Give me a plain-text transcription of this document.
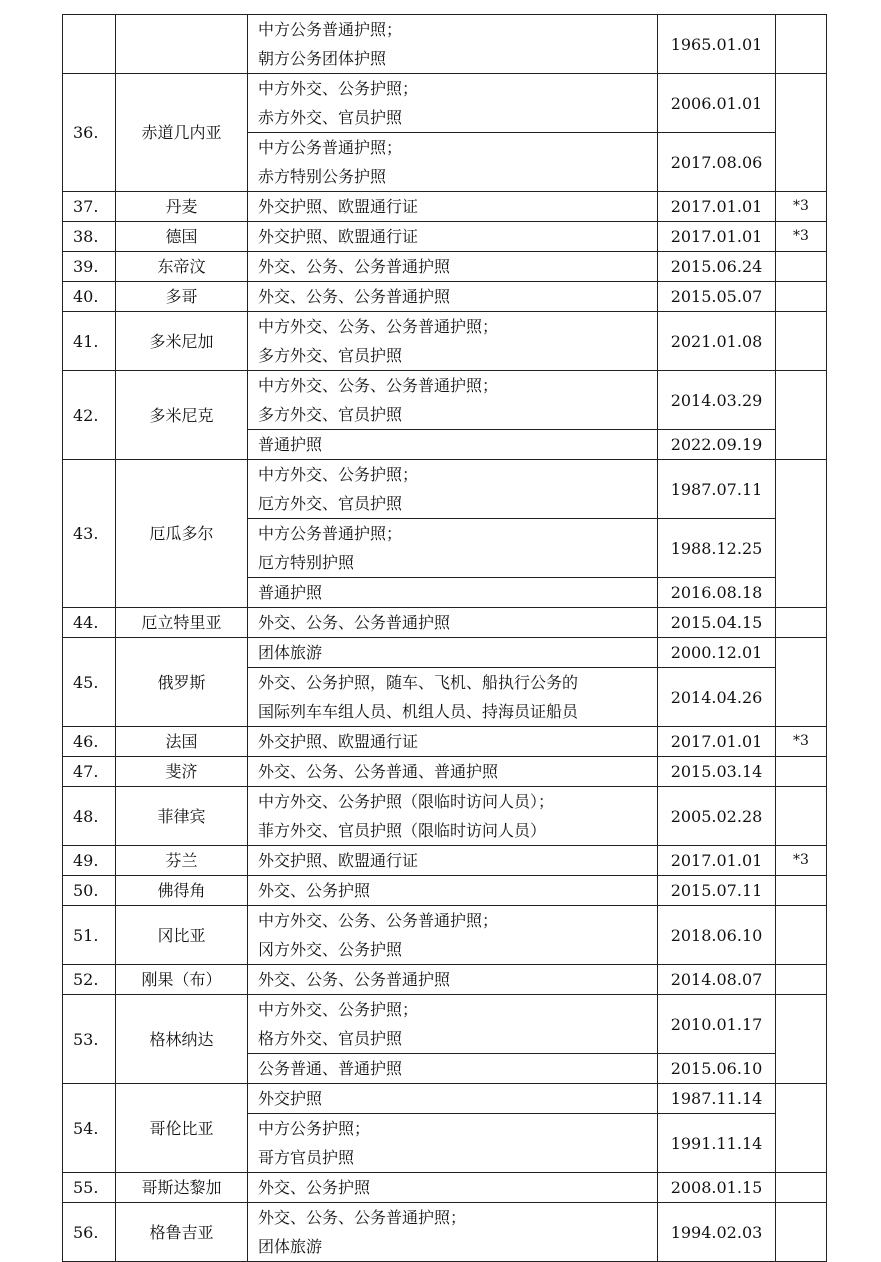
		中方公务普通护照；
朝方公务团体护照	1965.01.01	
36.	赤道几内亚	中方外交、公务护照；
赤方外交、官员护照	2006.01.01	

		中方公务普通护照；
赤方特别公务护照	2017.08.06	
37.	丹麦	外交护照、欧盟通行证	2017.01.01	*3
38.	德国	外交护照、欧盟通行证	2017.01.01	*3
39.	东帝汶	外交、公务、公务普通护照	2015.06.24	
40.	多哥	外交、公务、公务普通护照	2015.05.07	
41.	多米尼加	中方外交、公务、公务普通护照；
多方外交、官员护照	2021.01.08	
42.	多米尼克	中方外交、公务、公务普通护照；
多方外交、官员护照	2014.03.29	

		普通护照	2022.09.19	
43.	厄瓜多尔	中方外交、公务护照；
厄方外交、官员护照	1987.07.11	

		中方公务普通护照；
厄方特别护照	1988.12.25	

		普通护照	2016.08.18	
44.	厄立特里亚	外交、公务、公务普通护照	2015.04.15	
45.	俄罗斯	团体旅游	2000.12.01	

		外交、公务护照，随车、飞机、船执行公务的
国际列车车组人员、机组人员、持海员证船员	2014.04.26	
46.	法国	外交护照、欧盟通行证	2017.01.01	*3
47.	斐济	外交、公务、公务普通、普通护照	2015.03.14	
48.	菲律宾	中方外交、公务护照（限临时访问人员）；
菲方外交、官员护照（限临时访问人员）	2005.02.28	
49.	芬兰	外交护照、欧盟通行证	2017.01.01	*3
50.	佛得角	外交、公务护照	2015.07.11	
51.	冈比亚	中方外交、公务、公务普通护照；
冈方外交、公务护照	2018.06.10	
52.	刚果（布）	外交、公务、公务普通护照	2014.08.07	
53.	格林纳达	中方外交、公务护照；
格方外交、官员护照	2010.01.17	

		公务普通、普通护照	2015.06.10	
54.	哥伦比亚	外交护照	1987.11.14	

		中方公务护照；
哥方官员护照	1991.11.14	
55.	哥斯达黎加	外交、公务护照	2008.01.15	
56.	格鲁吉亚	外交、公务、公务普通护照；
团体旅游	1994.02.03	
